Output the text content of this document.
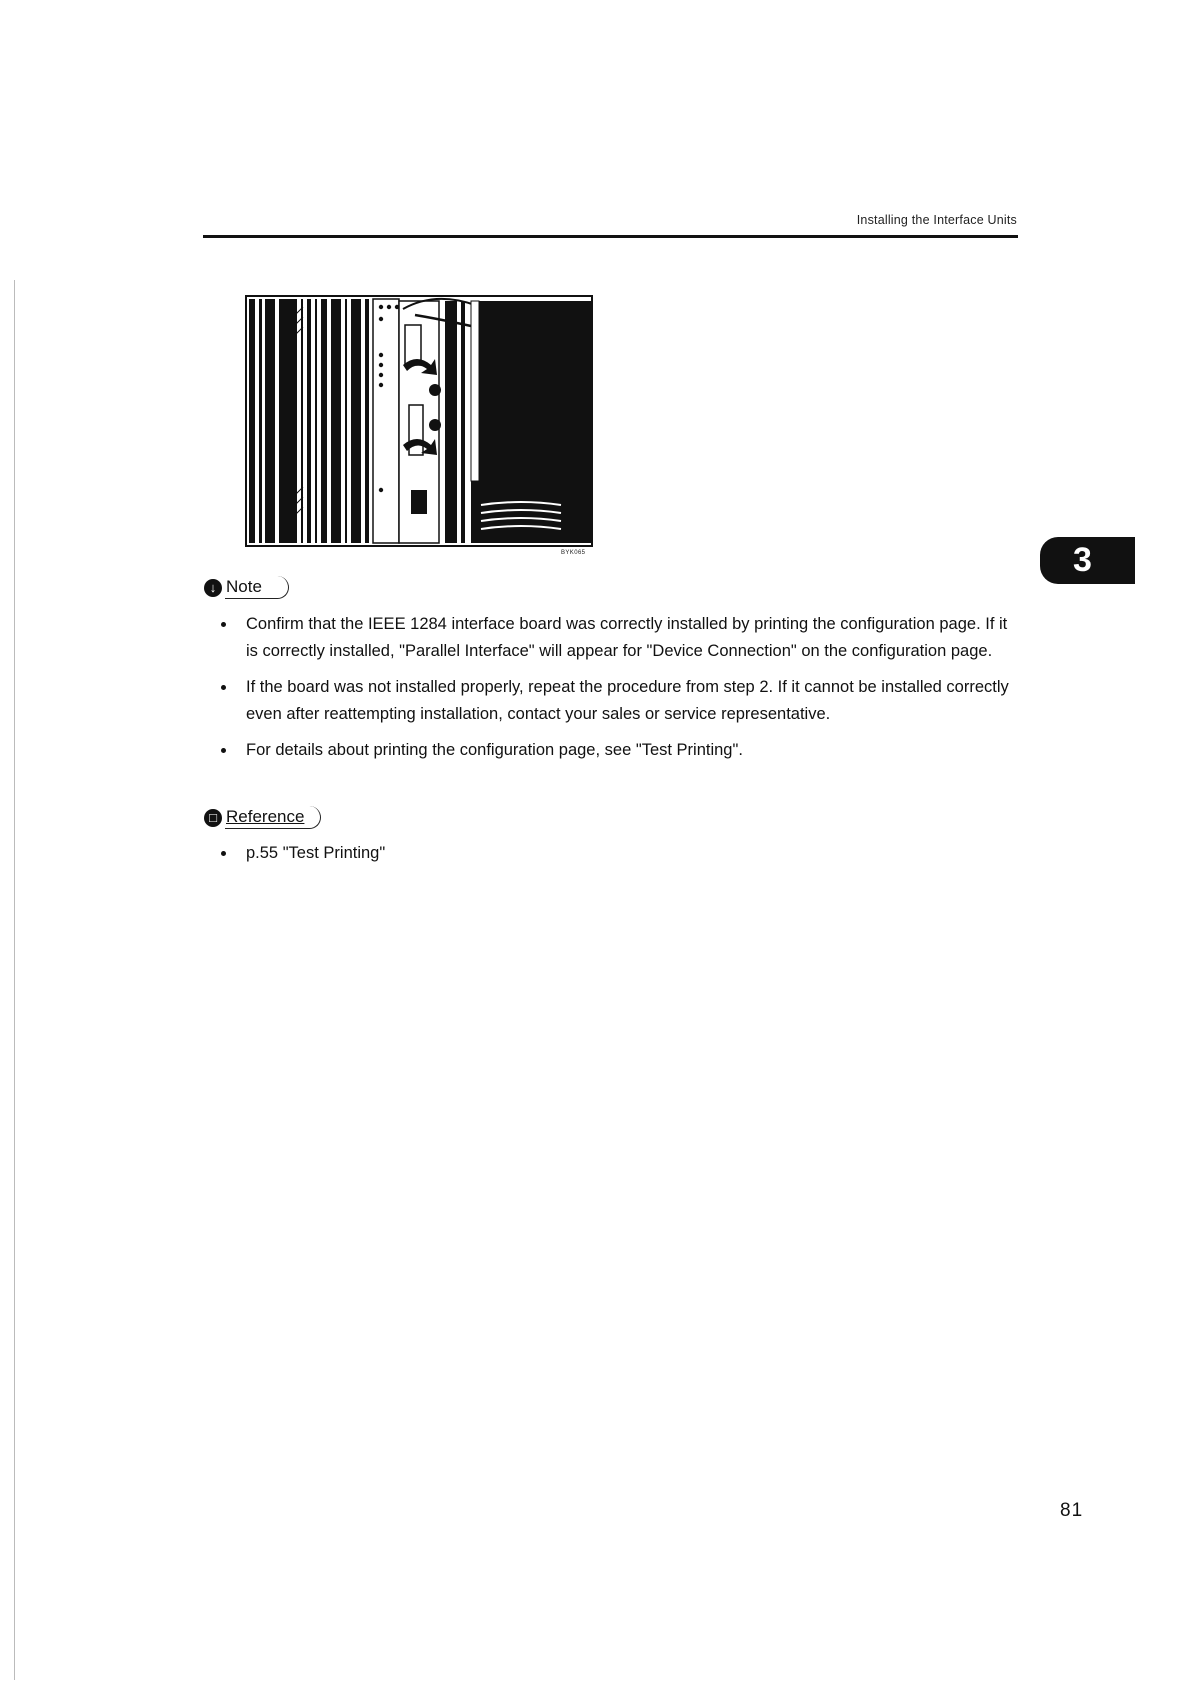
Installing the Interface Units
BYK065	3
↓ Note
Confirm that the IEEE 1284 interface board was correctly installed by printing the configuration page. If it is correctly installed, "Parallel Interface" will appear for "Device Connection" on the configuration page.
If the board was not installed properly, repeat the procedure from step 2. If it cannot be installed correctly even after reattempting installation, contact your sales or service representative.
For details about printing the configuration page, see "Test Printing".
□ Reference
p.55 "Test Printing"
81
